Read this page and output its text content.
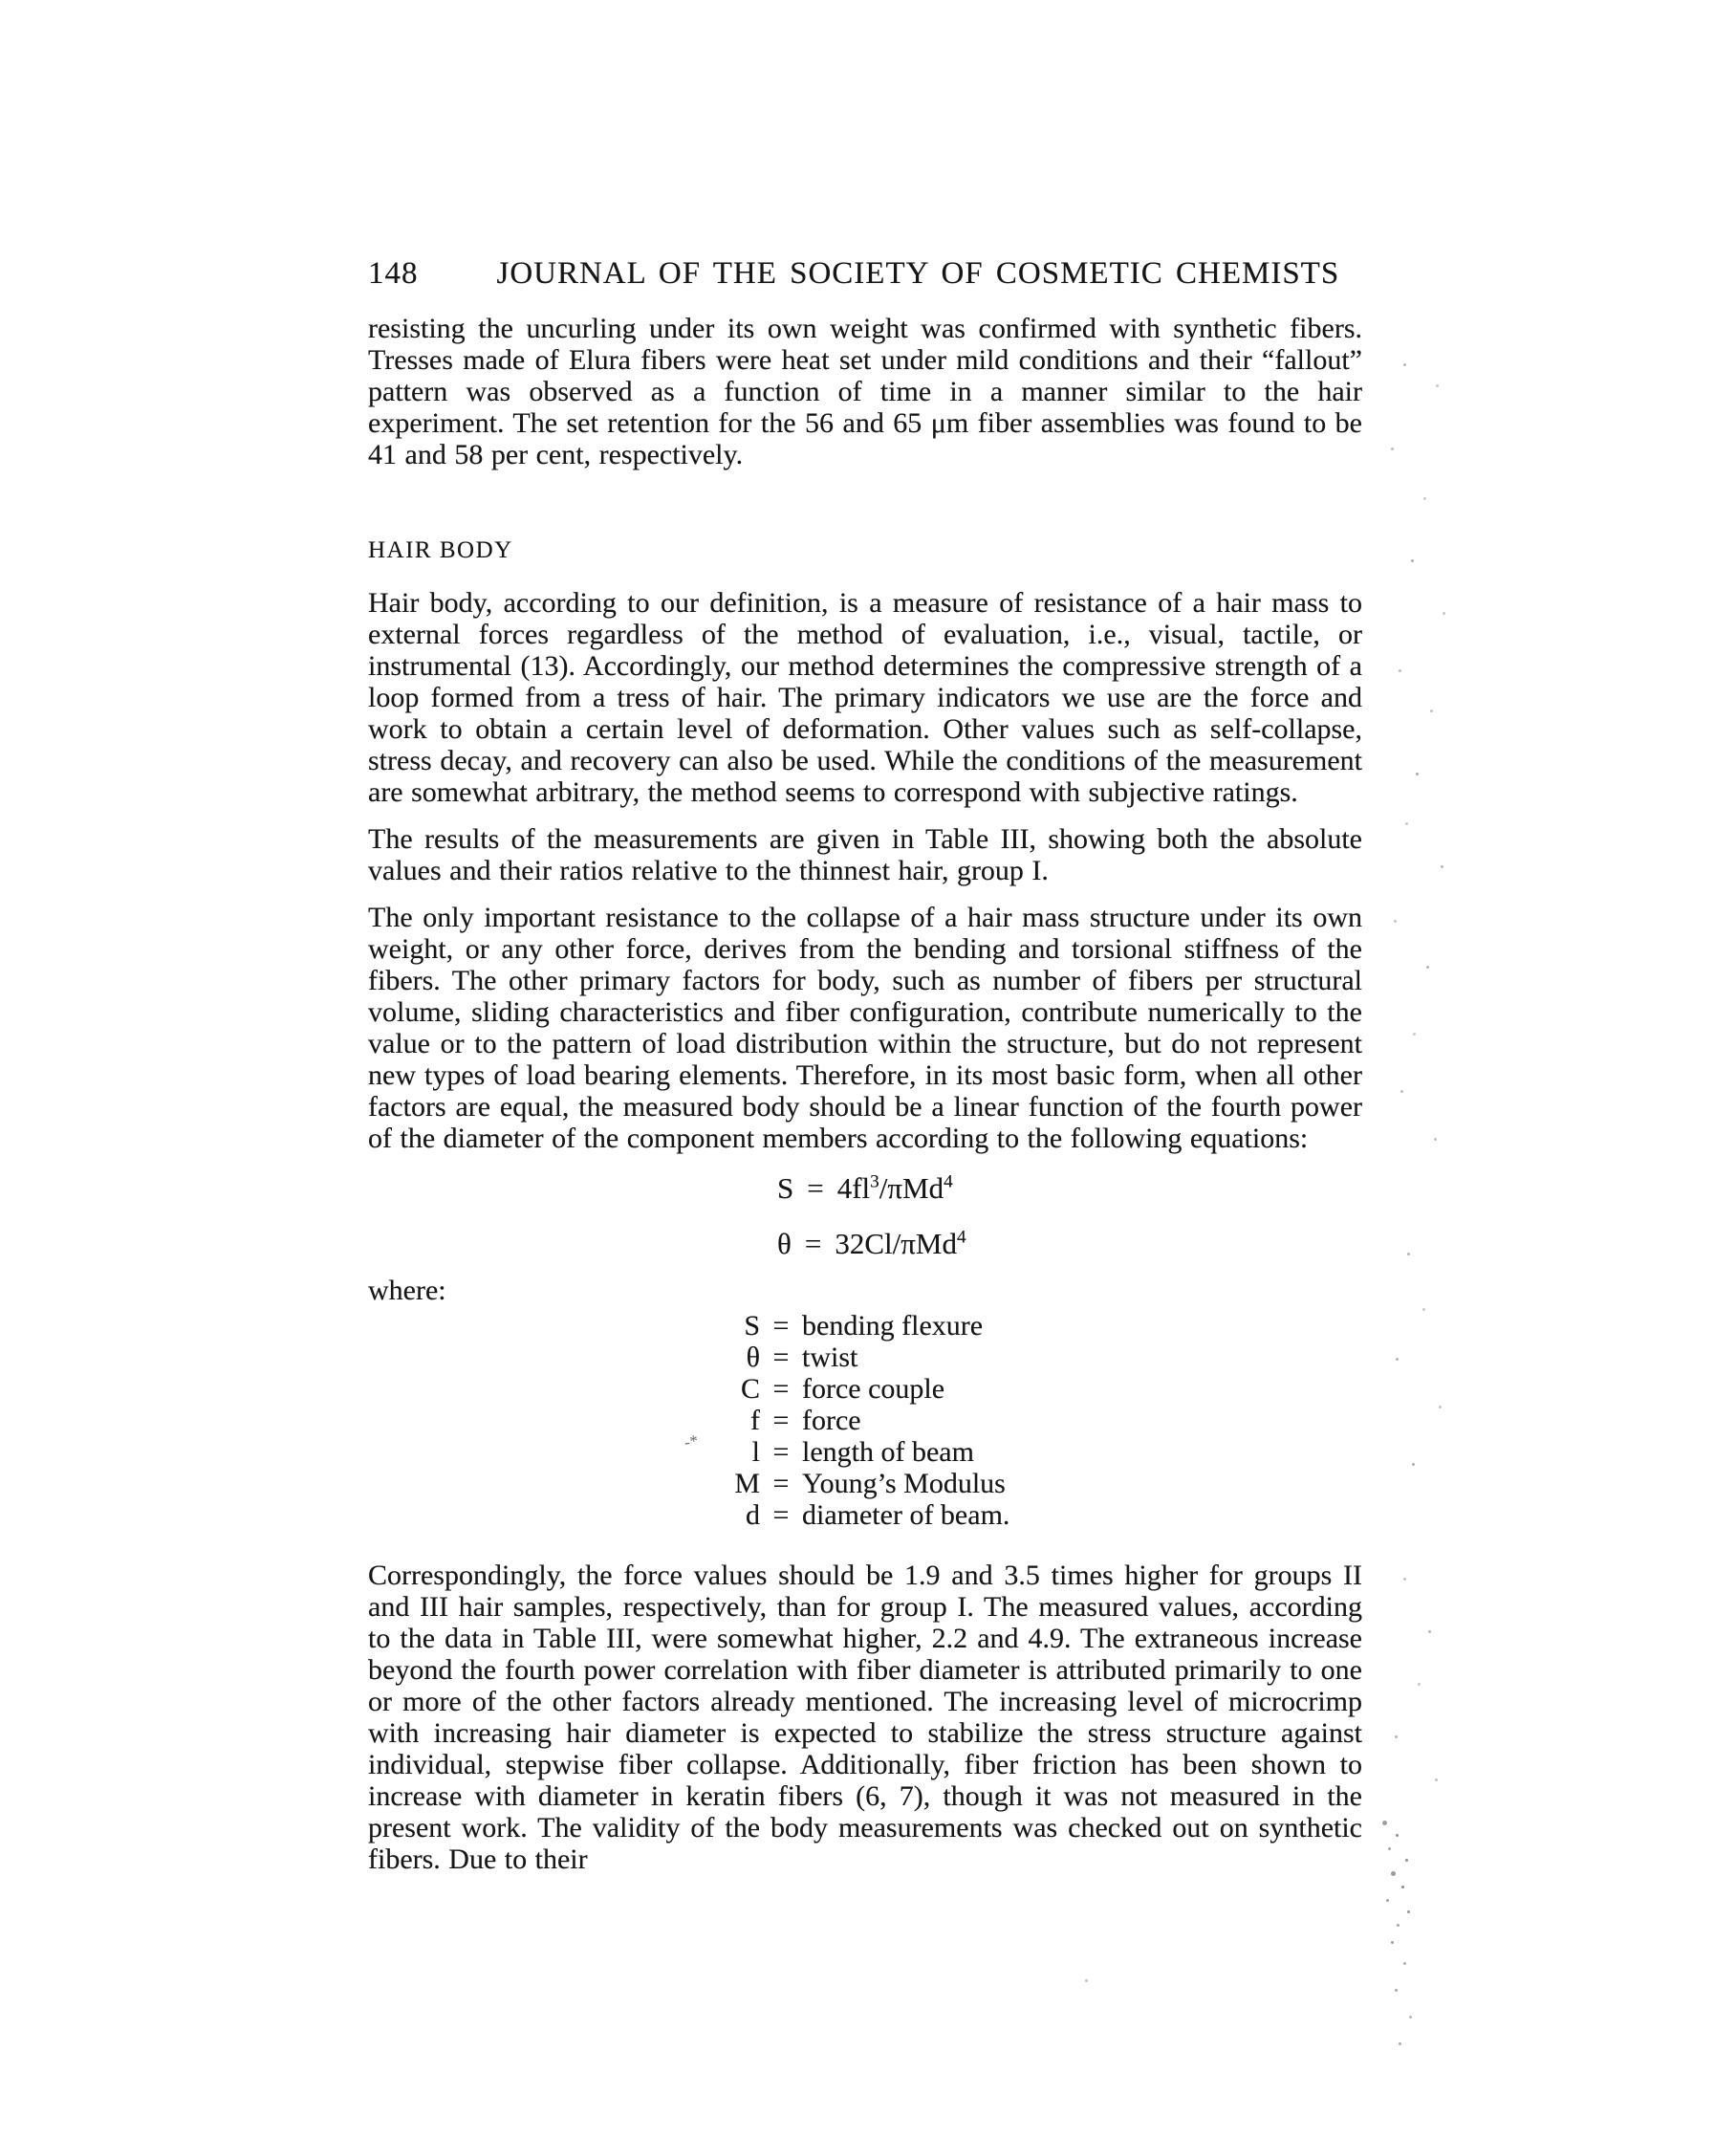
148 JOURNAL OF THE SOCIETY OF COSMETIC CHEMISTS

resisting the uncurling under its own weight was confirmed with synthetic fibers. Tresses made of Elura fibers were heat set under mild conditions and their “fallout” pattern was observed as a function of time in a manner similar to the hair experiment. The set retention for the 56 and 65 μm fiber assemblies was found to be 41 and 58 per cent, respectively.

HAIR BODY

Hair body, according to our definition, is a measure of resistance of a hair mass to external forces regardless of the method of evaluation, i.e., visual, tactile, or instrumental (13). Accordingly, our method determines the compressive strength of a loop formed from a tress of hair. The primary indicators we use are the force and work to obtain a certain level of deformation. Other values such as self-collapse, stress decay, and recovery can also be used. While the conditions of the measurement are somewhat arbitrary, the method seems to correspond with subjective ratings.

The results of the measurements are given in Table III, showing both the absolute values and their ratios relative to the thinnest hair, group I.

The only important resistance to the collapse of a hair mass structure under its own weight, or any other force, derives from the bending and torsional stiffness of the fibers. The other primary factors for body, such as number of fibers per structural volume, sliding characteristics and fiber configuration, contribute numerically to the value or to the pattern of load distribution within the structure, but do not represent new types of load bearing elements. Therefore, in its most basic form, when all other factors are equal, the measured body should be a linear function of the fourth power of the diameter of the component members according to the following equations:

$S = 4fl^3/\pi Md^4$
θ = 32Cl/πMd$^4$
where:
S = bending flexure
θ = twist
C = force couple
f = force
l = length of beam
M = Young’s Modulus
d = diameter of beam.

Correspondingly, the force values should be 1.9 and 3.5 times higher for groups II and III hair samples, respectively, than for group I. The measured values, according to the data in Table III, were somewhat higher, 2.2 and 4.9. The extraneous increase beyond the fourth power correlation with fiber diameter is attributed primarily to one or more of the other factors already mentioned. The increasing level of microcrimp with increasing hair diameter is expected to stabilize the stress structure against individual, stepwise fiber collapse. Additionally, fiber friction has been shown to increase with diameter in keratin fibers (6, 7), though it was not measured in the present work. The validity of the body measurements was checked out on synthetic fibers. Due to their

-*
